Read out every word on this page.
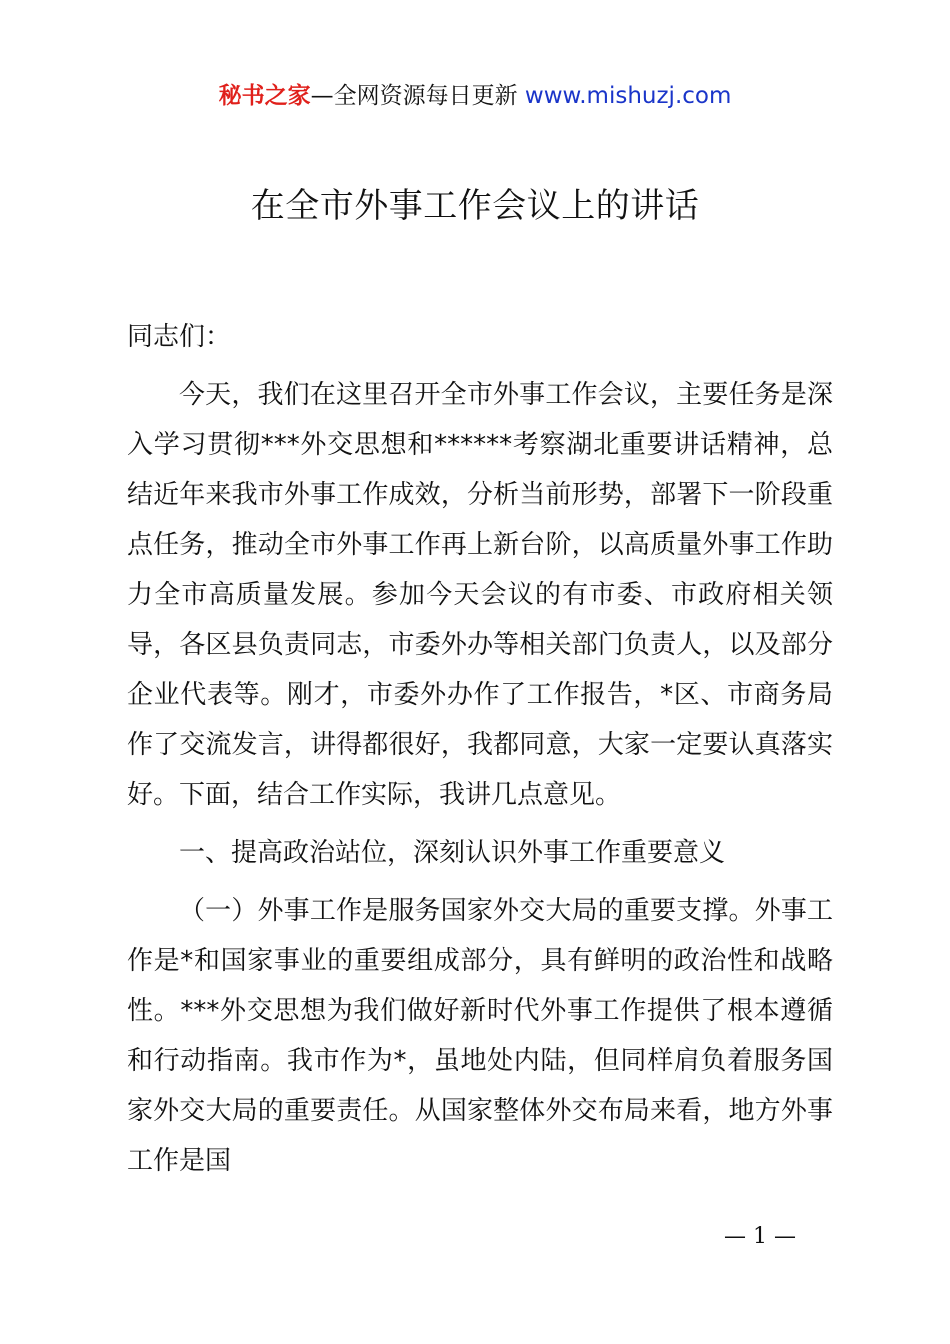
秘书之家—全网资源每日更新 www.mishuzj.com
在全市外事工作会议上的讲话

同志们：

今天，我们在这里召开全市外事工作会议，主要任务是深入学习贯彻***外交思想和******考察湖北重要讲话精神，总结近年来我市外事工作成效，分析当前形势，部署下一阶段重点任务，推动全市外事工作再上新台阶，以高质量外事工作助力全市高质量发展。参加今天会议的有市委、市政府相关领导，各区县负责同志，市委外办等相关部门负责人，以及部分企业代表等。刚才，市委外办作了工作报告，*区、市商务局作了交流发言，讲得都很好，我都同意，大家一定要认真落实好。下面，结合工作实际，我讲几点意见。

一、提高政治站位，深刻认识外事工作重要意义

（一）外事工作是服务国家外交大局的重要支撑。外事工作是*和国家事业的重要组成部分，具有鲜明的政治性和战略性。***外交思想为我们做好新时代外事工作提供了根本遵循和行动指南。我市作为*，虽地处内陆，但同样肩负着服务国家外交大局的重要责任。从国家整体外交布局来看，地方外事工作是国

— 1 —
